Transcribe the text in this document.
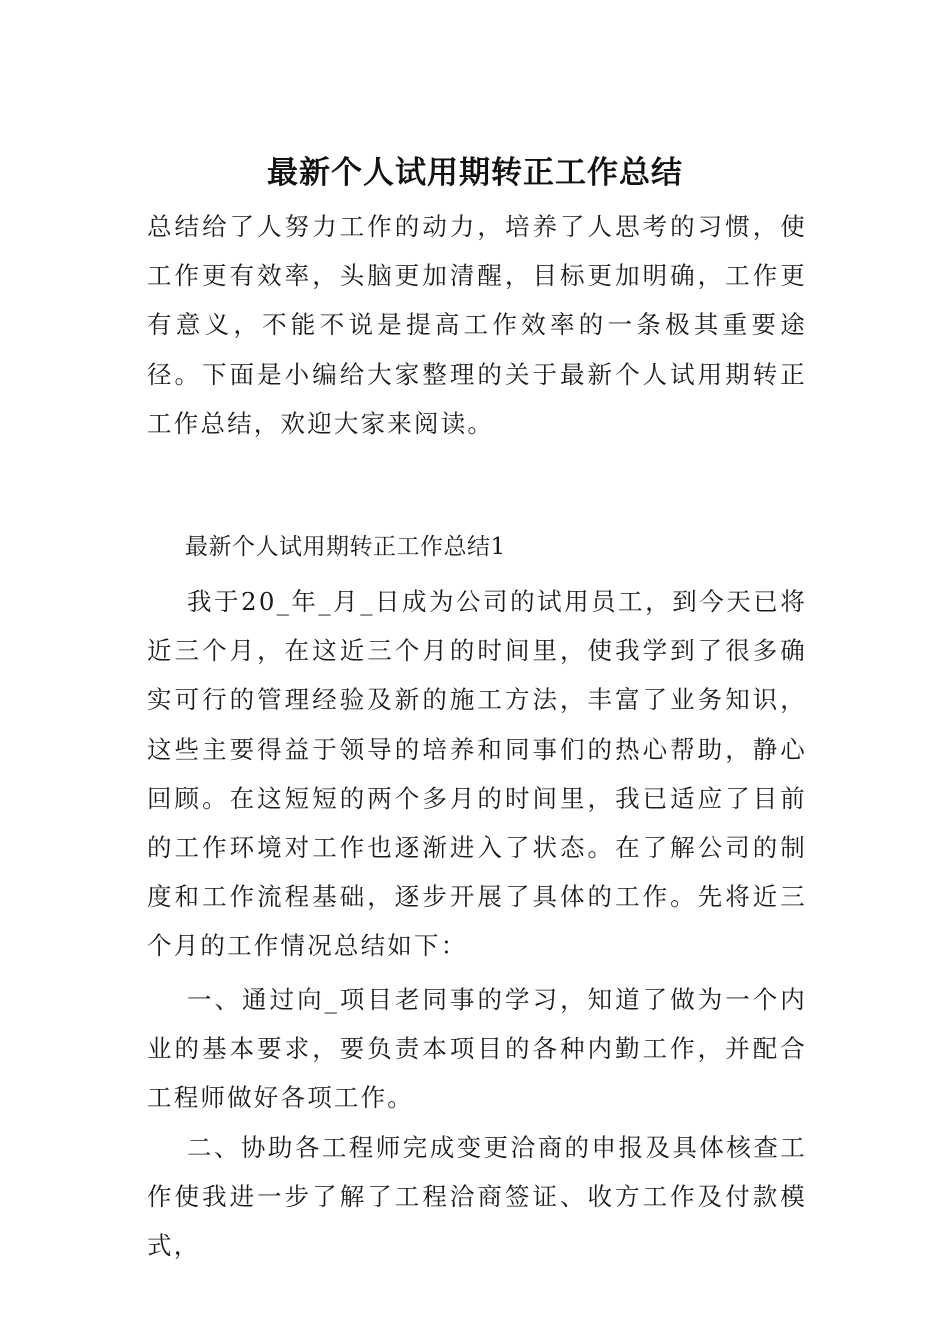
最新个人试用期转正工作总结

总结给了人努力工作的动力，培养了人思考的习惯，使工作更有效率，头脑更加清醒，目标更加明确，工作更有意义，不能不说是提高工作效率的一条极其重要途径。下面是小编给大家整理的关于最新个人试用期转正工作总结，欢迎大家来阅读。

最新个人试用期转正工作总结1

我于20_年_月_日成为公司的试用员工，到今天已将近三个月，在这近三个月的时间里，使我学到了很多确实可行的管理经验及新的施工方法，丰富了业务知识，这些主要得益于领导的培养和同事们的热心帮助，静心回顾。在这短短的两个多月的时间里，我已适应了目前的工作环境对工作也逐渐进入了状态。在了解公司的制度和工作流程基础，逐步开展了具体的工作。先将近三个月的工作情况总结如下：

一、通过向_项目老同事的学习，知道了做为一个内业的基本要求，要负责本项目的各种内勤工作，并配合工程师做好各项工作。

二、协助各工程师完成变更洽商的申报及具体核查工作使我进一步了解了工程洽商签证、收方工作及付款模式，
